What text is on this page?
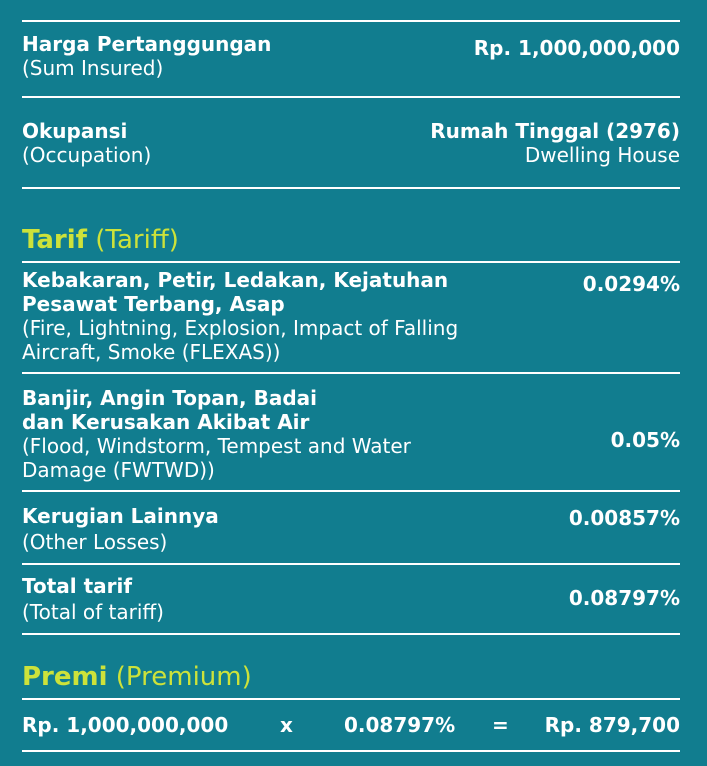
Harga Pertanggungan
(Sum Insured)
Rp. 1,000,000,000
Okupansi
(Occupation)
Rumah Tinggal (2976)
Dwelling House
Tarif (Tariff)
Kebakaran, Petir, Ledakan, Kejatuhan
Pesawat Terbang, Asap
(Fire, Lightning, Explosion, Impact of Falling
Aircraft, Smoke (FLEXAS))
0.0294%
Banjir, Angin Topan, Badai
dan Kerusakan Akibat Air
(Flood, Windstorm, Tempest and Water
Damage (FWTWD))
0.05%
Kerugian Lainnya
(Other Losses)
0.00857%
Total tarif
(Total of tariff)
0.08797%
Premi (Premium)
Rp. 1,000,000,000	x	0.08797% = Rp. 879,700
